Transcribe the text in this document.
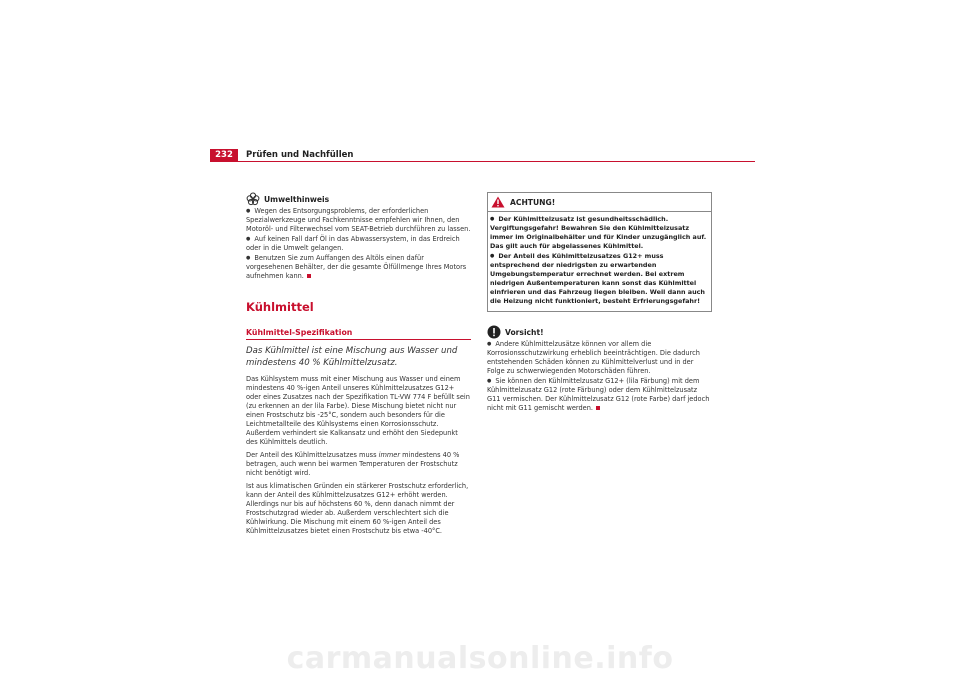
232	Prüfen und Nachfüllen
Umwelthinweis

● Wegen des Entsorgungsproblems, der erforderlichen Spezialwerkzeuge und Fachkenntnisse empfehlen wir Ihnen, den Motoröl- und Filterwechsel vom SEAT-Betrieb durchführen zu lassen.

● Auf keinen Fall darf Öl in das Abwassersystem, in das Erdreich oder in die Umwelt gelangen.

● Benutzen Sie zum Auffangen des Altöls einen dafür vorgesehenen Behälter, der die gesamte Ölfüllmenge Ihres Motors aufnehmen kann.

Kühlmittel
Kühlmittel-Spezifikation
Das Kühlmittel ist eine Mischung aus Wasser und mindestens 40 % Kühlmittelzusatz.

Das Kühlsystem muss mit einer Mischung aus Wasser und einem mindestens 40 %-igen Anteil unseres Kühlmittelzusatzes G12+ oder eines Zusatzes nach der Spezifikation TL-VW 774 F befüllt sein (zu erkennen an der lila Farbe). Diese Mischung bietet nicht nur einen Frostschutz bis -25°C, sondern auch besonders für die Leichtmetallteile des Kühlsystems einen Korrosionsschutz. Außerdem verhindert sie Kalkansatz und erhöht den Siedepunkt des Kühlmittels deutlich.

Der Anteil des Kühlmittelzusatzes muss immer mindestens 40 % betragen, auch wenn bei warmen Temperaturen der Frostschutz nicht benötigt wird.

Ist aus klimatischen Gründen ein stärkerer Frostschutz erforderlich, kann der Anteil des Kühlmittelzusatzes G12+ erhöht werden. Allerdings nur bis auf höchstens 60 %, denn danach nimmt der Frostschutzgrad wieder ab. Außerdem verschlechtert sich die Kühlwirkung. Die Mischung mit einem 60 %-igen Anteil des Kühlmittelzusatzes bietet einen Frostschutz bis etwa -40°C.

ACHTUNG!

● Der Kühlmittelzusatz ist gesundheitsschädlich. Vergiftungsgefahr! Bewahren Sie den Kühlmittelzusatz immer im Originalbehälter und für Kinder unzugänglich auf. Das gilt auch für abgelassenes Kühlmittel.

● Der Anteil des Kühlmittelzusatzes G12+ muss entsprechend der niedrigsten zu erwartenden Umgebungstemperatur errechnet werden. Bei extrem niedrigen Außentemperaturen kann sonst das Kühlmittel einfrieren und das Fahrzeug liegen bleiben. Weil dann auch die Heizung nicht funktioniert, besteht Erfrierungsgefahr!

Vorsicht!

● Andere Kühlmittelzusätze können vor allem die Korrosionsschutzwirkung erheblich beeinträchtigen. Die dadurch entstehenden Schäden können zu Kühlmittelverlust und in der Folge zu schwerwiegenden Motorschäden führen.

● Sie können den Kühlmittelzusatz G12+ (lila Färbung) mit dem Kühlmittelzusatz G12 (rote Färbung) oder dem Kühlmittelzusatz G11 vermischen. Der Kühlmittelzusatz G12 (rote Farbe) darf jedoch nicht mit G11 gemischt werden.

carmanualsonline.info
